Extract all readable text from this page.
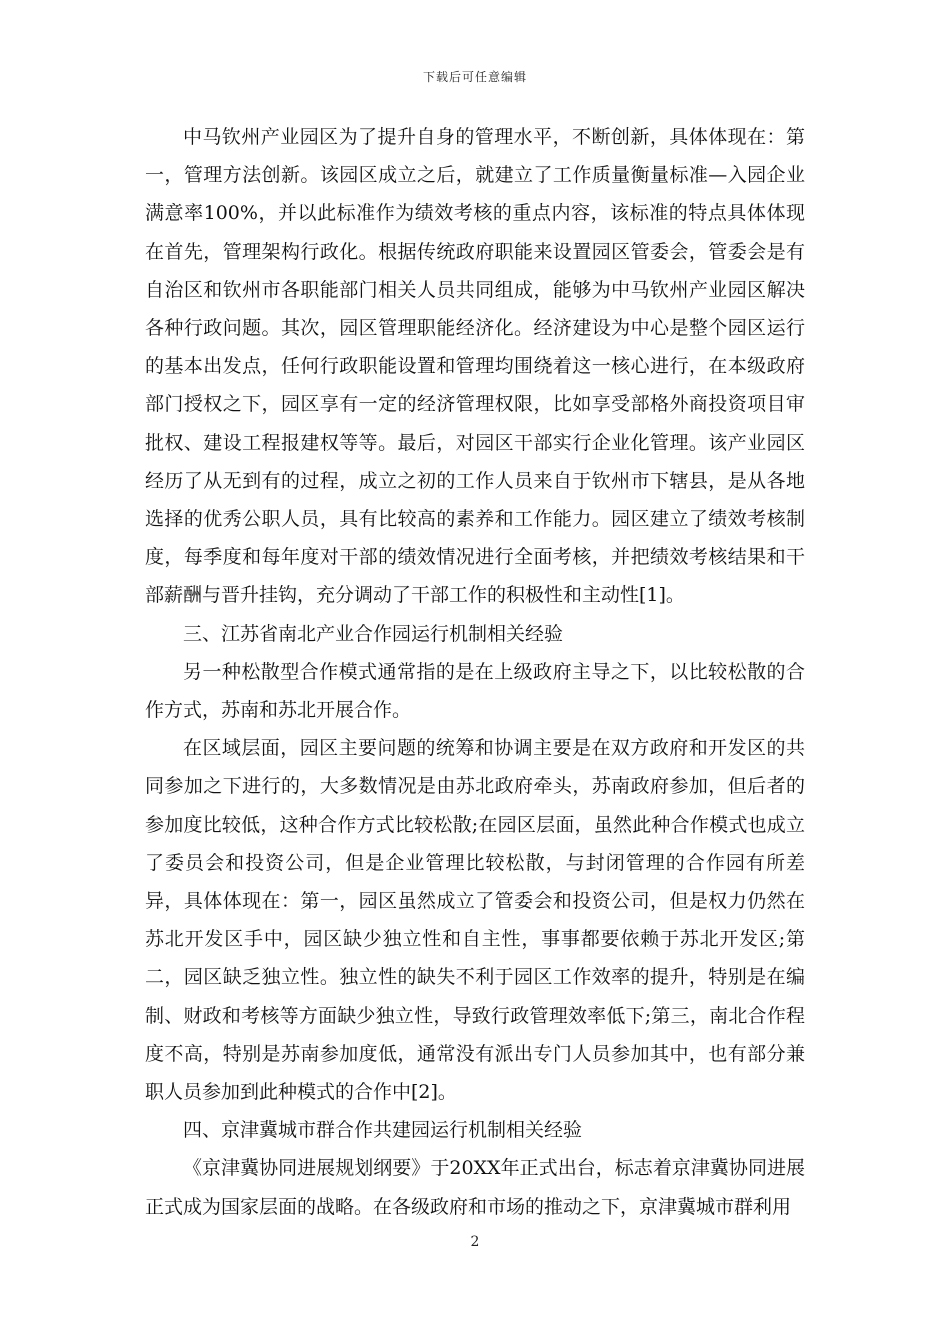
下载后可任意编辑

中马钦州产业园区为了提升自身的管理水平，不断创新，具体体现在：第一，管理方法创新。该园区成立之后，就建立了工作质量衡量标准—入园企业满意率100%，并以此标准作为绩效考核的重点内容，该标准的特点具体体现在首先，管理架构行政化。根据传统政府职能来设置园区管委会，管委会是有自治区和钦州市各职能部门相关人员共同组成，能够为中马钦州产业园区解决各种行政问题。其次，园区管理职能经济化。经济建设为中心是整个园区运行的基本出发点，任何行政职能设置和管理均围绕着这一核心进行，在本级政府部门授权之下，园区享有一定的经济管理权限，比如享受部格外商投资项目审批权、建设工程报建权等等。最后，对园区干部实行企业化管理。该产业园区经历了从无到有的过程，成立之初的工作人员来自于钦州市下辖县，是从各地选择的优秀公职人员，具有比较高的素养和工作能力。园区建立了绩效考核制度，每季度和每年度对干部的绩效情况进行全面考核，并把绩效考核结果和干部薪酬与晋升挂钩，充分调动了干部工作的积极性和主动性[1]。

三、江苏省南北产业合作园运行机制相关经验

另一种松散型合作模式通常指的是在上级政府主导之下，以比较松散的合作方式，苏南和苏北开展合作。

在区域层面，园区主要问题的统筹和协调主要是在双方政府和开发区的共同参加之下进行的，大多数情况是由苏北政府牵头，苏南政府参加，但后者的参加度比较低，这种合作方式比较松散;在园区层面，虽然此种合作模式也成立了委员会和投资公司，但是企业管理比较松散，与封闭管理的合作园有所差异，具体体现在：第一，园区虽然成立了管委会和投资公司，但是权力仍然在苏北开发区手中，园区缺少独立性和自主性，事事都要依赖于苏北开发区;第二，园区缺乏独立性。独立性的缺失不利于园区工作效率的提升，特别是在编制、财政和考核等方面缺少独立性，导致行政管理效率低下;第三，南北合作程度不高，特别是苏南参加度低，通常没有派出专门人员参加其中，也有部分兼职人员参加到此种模式的合作中[2]。

四、京津冀城市群合作共建园运行机制相关经验

《京津冀协同进展规划纲要》于20XX年正式出台，标志着京津冀协同进展正式成为国家层面的战略。在各级政府和市场的推动之下，京津冀城市群利用

2
